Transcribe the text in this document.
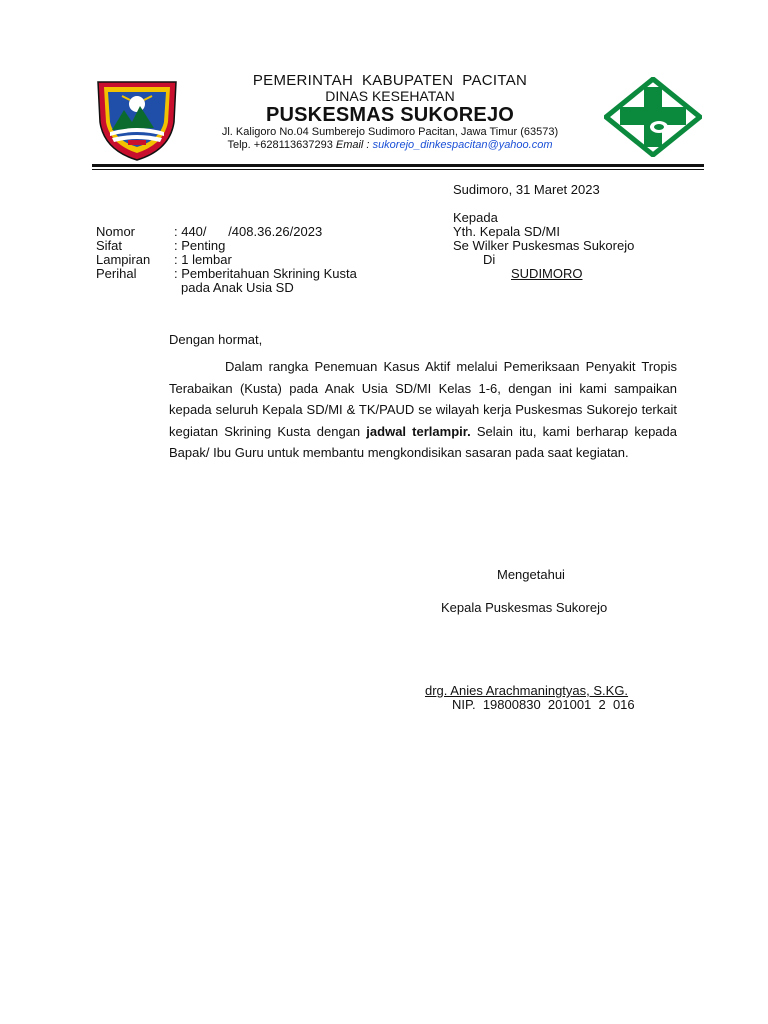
PEMERINTAH  KABUPATEN  PACITAN
DINAS KESEHATAN
PUSKESMAS SUKOREJO
Jl. Kaligoro No.04 Sumberejo Sudimoro Pacitan, Jawa Timur (63573)
Telp. +628113637293 Email : sukorejo_dinkespacitan@yahoo.com
Sudimoro, 31 Maret 2023
Kepada
Yth. Kepala SD/MI
Se Wilker Puskesmas Sukorejo
Di
SUDIMORO
Nomor	: 440/      /408.36.26/2023
Sifat	: Penting
Lampiran : 1 lembar
Perihal	: Pemberitahuan Skrining Kusta
pada Anak Usia SD
Dengan hormat,
Dalam rangka Penemuan Kasus Aktif melalui Pemeriksaan Penyakit Tropis Terabaikan (Kusta) pada Anak Usia SD/MI Kelas 1-6, dengan ini kami sampaikan kepada seluruh Kepala SD/MI & TK/PAUD se wilayah kerja Puskesmas Sukorejo terkait kegiatan Skrining Kusta dengan jadwal terlampir. Selain itu, kami berharap kepada Bapak/ Ibu Guru untuk membantu mengkondisikan sasaran pada saat kegiatan.
Mengetahui
Kepala Puskesmas Sukorejo
drg. Anies Arachmaningtyas, S.KG.
NIP.  19800830  201001  2  016
